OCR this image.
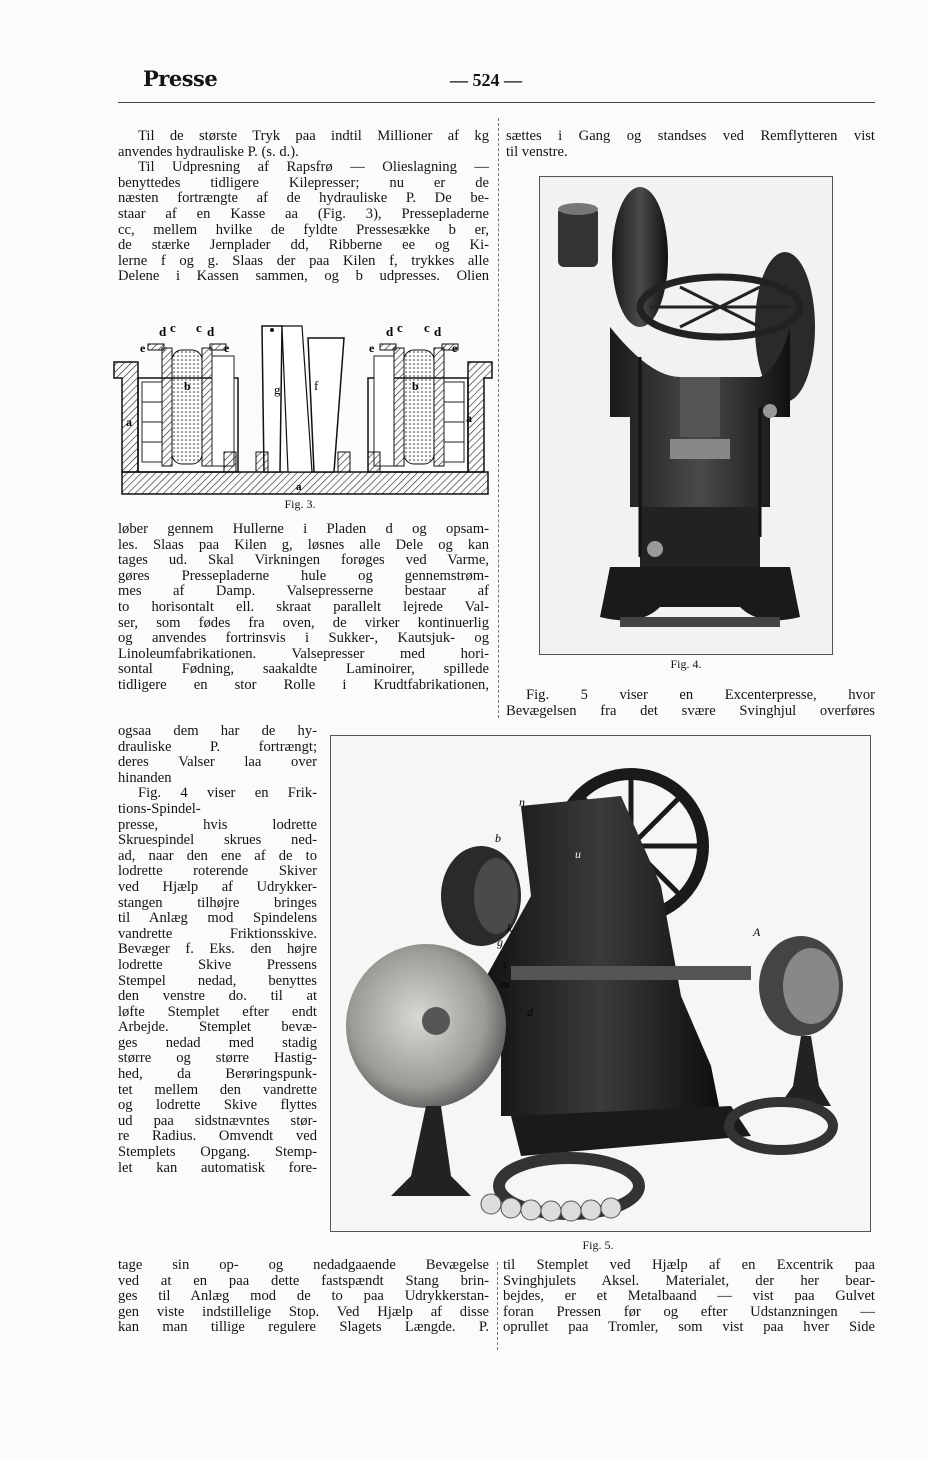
Presse	— 524 —
Til de største Tryk paa indtil Millioner af kg
anvendes hydrauliske P. (s. d.).
Til Udpresning af Rapsfrø — Olieslagning —
benyttedes tidligere Kilepresser; nu er de
næsten fortrængte af de hydrauliske P. De be-
staar af en Kasse aa (Fig. 3), Pressepladerne
cc, mellem hvilke de fyldte Pressesække b er,
de stærke Jernplader dd, Ribberne ee og Ki-
lerne f og g. Slaas der paa Kilen f, trykkes alle
Delene i Kassen sammen, og b udpresses. Olien
d c c d
e	e
b
a
g	f
d c c d
e	e
b
a
a
Fig. 3.
løber gennem Hullerne i Pladen d og opsam-
les. Slaas paa Kilen g, løsnes alle Dele og kan
tages ud. Skal Virkningen forøges ved Varme,
gøres Pressepladerne hule og gennemstrøm-
mes af Damp. Valsepresserne bestaar af
to horisontalt ell. skraat parallelt lejrede Val-
ser, som fødes fra oven, de virker kontinuerlig
og anvendes fortrinsvis i Sukker-, Kautsjuk- og
Linoleumfabrikationen. Valsepresser med hori-
sontal Fødning, saakaldte Laminoirer, spillede
tidligere en stor Rolle i Krudtfabrikationen,
ogsaa dem har de hy-
drauliske P. fortrængt;
deres Valser laa over
hinanden
Fig. 4 viser en Frik-
tions-Spindel-
presse, hvis lodrette
Skruespindel skrues ned-
ad, naar den ene af de to
lodrette roterende Skiver
ved Hjælp af Udrykker-
stangen tilhøjre bringes
til Anlæg mod Spindelens
vandrette Friktionsskive.
Bevæger f. Eks. den højre
lodrette Skive Pressens
Stempel nedad, benyttes
den venstre do. til at
løfte Stemplet efter endt
Arbejde. Stemplet bevæ-
ges nedad med stadig
større og større Hastig-
hed, da Berøringspunk-
tet mellem den vandrette
og lodrette Skive flyttes
ud paa sidstnævntes stør-
re Radius. Omvendt ved
Stemplets Opgang. Stemp-
let kan automatisk fore-
tage sin op- og nedadgaaende Bevægelse
ved at en paa dette fastspændt Stang brin-
ges til Anlæg mod de to paa Udrykkerstan-
gen viste indstillelige Stop. Ved Hjælp af disse
kan man tillige regulere Slagets Længde. P.
sættes i Gang og standses ved Remflytteren vist
til venstre.
Fig. 4.
Fig. 5 viser en Excenterpresse, hvor
Bevægelsen fra det svære Svinghjul overføres
n
b
u
k
g
c
m
A
d
Fig. 5.
til Stemplet ved Hjælp af en Excentrik paa
Svinghjulets Aksel. Materialet, der her bear-
bejdes, er et Metalbaand — vist paa Gulvet
foran Pressen før og efter Udstanzningen —
oprullet paa Tromler, som vist paa hver Side
